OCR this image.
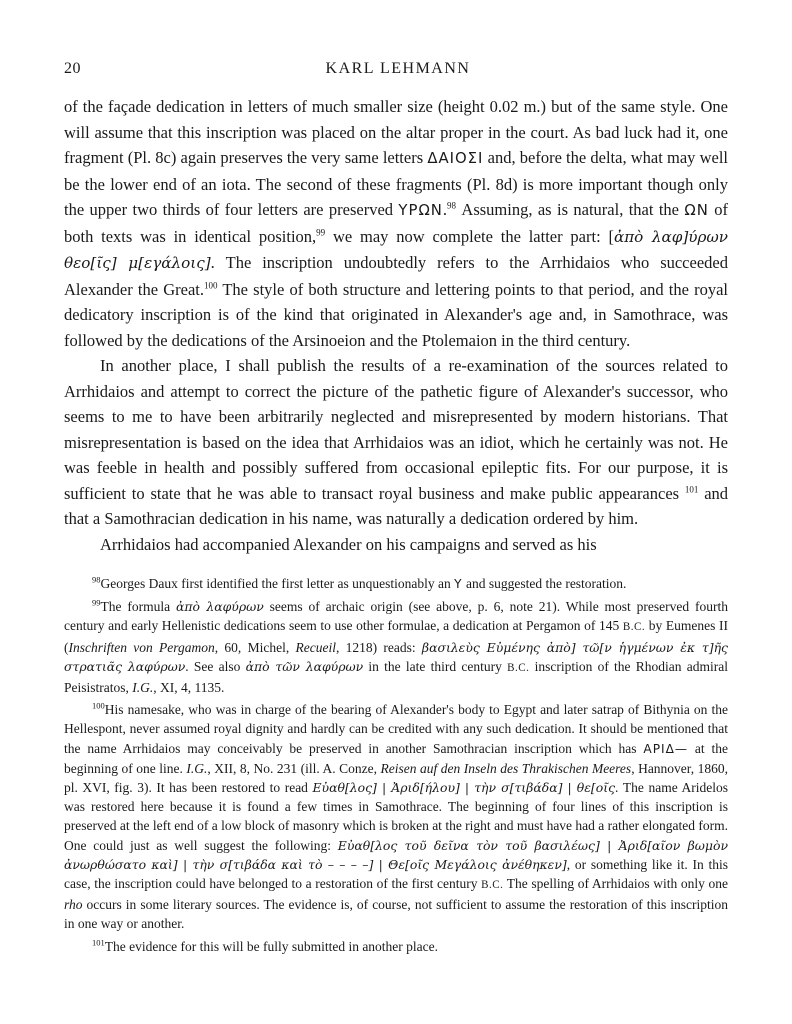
20	KARL LEHMANN

of the façade dedication in letters of much smaller size (height 0.02 m.) but of the same style. One will assume that this inscription was placed on the altar proper in the court. As bad luck had it, one fragment (Pl. 8c) again preserves the very same letters ΔΑΙΟΣΙ and, before the delta, what may well be the lower end of an iota. The second of these fragments (Pl. 8d) is more important though only the upper two thirds of four letters are preserved ΥΡΩΝ.$^{98}$ Assuming, as is natural, that the ΩΝ of both texts was in identical position,$^{99}$ we may now complete the latter part: [ἀπὸ λαφ]ύρων θεο[ῖς] μ[εγάλοις]. The inscription undoubtedly refers to the Arrhidaios who succeeded Alexander the Great.$^{100}$ The style of both structure and lettering points to that period, and the royal dedicatory inscription is of the kind that originated in Alexander's age and, in Samothrace, was followed by the dedications of the Arsinoeion and the Ptolemaion in the third century.

In another place, I shall publish the results of a re-examination of the sources related to Arrhidaios and attempt to correct the picture of the pathetic figure of Alexander's successor, who seems to me to have been arbitrarily neglected and misrepresented by modern historians. That misrepresentation is based on the idea that Arrhidaios was an idiot, which he certainly was not. He was feeble in health and possibly suffered from occasional epileptic fits. For our purpose, it is sufficient to state that he was able to transact royal business and make public appearances $^{101}$ and that a Samothracian dedication in his name, was naturally a dedication ordered by him.

Arrhidaios had accompanied Alexander on his campaigns and served as his

$^{98}$Georges Daux first identified the first letter as unquestionably an Υ and suggested the restoration.

$^{99}$The formula ἀπὸ λαφύρων seems of archaic origin (see above, p. 6, note 21). While most preserved fourth century and early Hellenistic dedications seem to use other formulae, a dedication at Pergamon of 145 B.C. by Eumenes II (Inschriften von Pergamon, 60, Michel, Recueil, 1218) reads: βασιλεὺς Εὐμένης ἀπὸ] τῶ[ν ἡγμένων ἐκ τ]ῆς στρατιᾶς λαφύρων. See also ἀπὸ τῶν λαφύρων in the late third century B.C. inscription of the Rhodian admiral Peisistratos, I.G., XI, 4, 1135.

$^{100}$His namesake, who was in charge of the bearing of Alexander's body to Egypt and later satrap of Bithynia on the Hellespont, never assumed royal dignity and hardly can be credited with any such dedication. It should be mentioned that the name Arrhidaios may conceivably be preserved in another Samothracian inscription which has ΑΡΙΔ— at the beginning of one line. I.G., XII, 8, No. 231 (ill. A. Conze, Reisen auf den Inseln des Thrakischen Meeres, Hannover, 1860, pl. XVI, fig. 3). It has been restored to read Εὐαθ[λος] | Ἀριδ[ήλου] | τὴν σ[τιβάδα] | θε[οῖς. The name Aridelos was restored here because it is found a few times in Samothrace. The beginning of four lines of this inscription is preserved at the left end of a low block of masonry which is broken at the right and must have had a rather elongated form. One could just as well suggest the following: Εὐαθ[λος τοῦ δεῖνα τὸν τοῦ βασιλέως] | Ἀριδ[αῖον βωμὸν ἀνωρθώσατο καὶ] | τὴν σ[τιβάδα καὶ τὸ – – – –] | Θε[οῖς Μεγάλοις ἀνέθηκεν], or something like it. In this case, the inscription could have belonged to a restoration of the first century B.C. The spelling of Arrhidaios with only one rho occurs in some literary sources. The evidence is, of course, not sufficient to assume the restoration of this inscription in one way or another.

$^{101}$The evidence for this will be fully submitted in another place.
